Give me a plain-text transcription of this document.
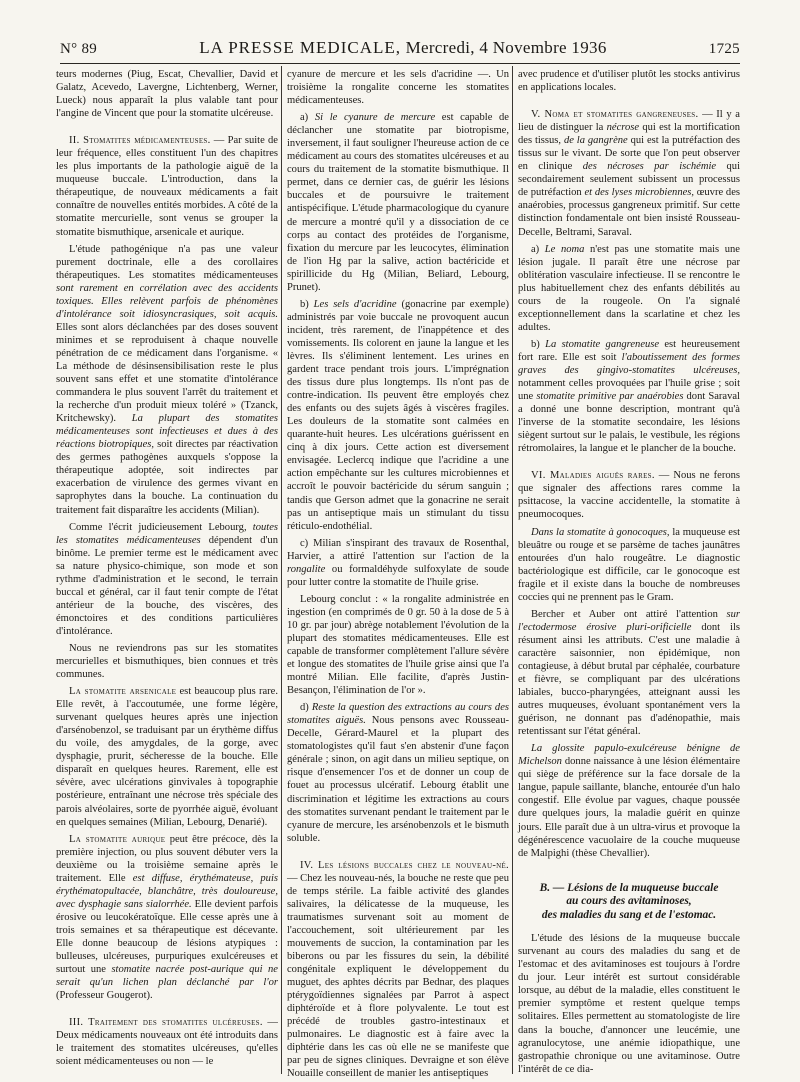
N° 89	LA PRESSE MEDICALE, Mercredi, 4 Novembre 1936	1725

teurs modernes (Piug, Escat, Chevallier, David et Galatz, Acevedo, Lavergne, Lichtenberg, Werner, Lueck) nous apparaît la plus valable tant pour l'angine de Vincent que pour la stomatite ulcéreuse.

II. Stomatites médicamenteuses. — Par suite de leur fréquence, elles constituent l'un des chapitres les plus importants de la pathologie aiguë de la muqueuse buccale. L'introduction, dans la thérapeutique, de nouveaux médicaments a fait connaître de nouvelles entités morbides. A côté de la stomatite mercurielle, sont venus se grouper la stomatite bismuthique, arsenicale et aurique.

L'étude pathogénique n'a pas une valeur purement doctrinale, elle a des corollaires thérapeutiques. Les stomatites médicamenteuses sont rarement en corrélation avec des accidents toxiques. Elles relèvent parfois de phénomènes d'intolérance soit idiosyncrasiques, soit acquis. Elles sont alors déclanchées par des doses souvent minimes et se reproduisent à chaque nouvelle pénétration de ce médicament dans l'organisme. « La méthode de désinsensibilisation reste le plus souvent sans effet et une stomatite d'intolérance commandera le plus souvent l'arrêt du traitement et la recherche d'un produit mieux toléré » (Tzanck, Kritchewsky). La plupart des stomatites médicamenteuses sont infectieuses et dues à des réactions biotropiques, soit directes par réactivation des germes pathogènes auxquels s'oppose la thérapeutique adoptée, soit indirectes par exacerbation de virulence des germes vivant en saprophytes dans la bouche. La continuation du traitement fait disparaître les accidents (Milian).

Comme l'écrit judicieusement Lebourg, toutes les stomatites médicamenteuses dépendent d'un binôme. Le premier terme est le médicament avec sa nature physico-chimique, son mode et son rythme d'administration et le second, le terrain buccal et général, car il faut tenir compte de l'état antérieur de la bouche, des viscères, des émonctoires et des conditions particulières d'intolérance.

Nous ne reviendrons pas sur les stomatites mercurielles et bismuthiques, bien connues et très communes.

La stomatite arsenicale est beaucoup plus rare. Elle revêt, à l'accoutumée, une forme légère, survenant quelques heures après une injection d'arsénobenzol, se traduisant par un érythème diffus du voile, des amygdales, de la gorge, avec dysphagie, prurit, sécheresse de la bouche. Elle disparaît en quelques heures. Rarement, elle est sévère, avec ulcérations ginvivales à topographie postérieure, entraînant une nécrose très spéciale des parois alvéolaires, sorte de pyorrhée aiguë, évoluant en quelques semaines (Milian, Lebourg, Denarié).

La stomatite aurique peut être précoce, dès la première injection, ou plus souvent débuter vers la deuxième ou la troisième semaine après le traitement. Elle est diffuse, érythémateuse, puis érythématopultacée, blanchâtre, très douloureuse, avec dysphagie sans sialorrhée. Elle devient parfois érosive ou leucokératoïque. Elle cesse après une à trois semaines et sa thérapeutique est décevante. Elle donne beaucoup de lésions atypiques : bulleuses, ulcéreuses, purpuriques exulcéreuses et surtout une stomatite nacrée post-aurique qui ne serait qu'un lichen plan déclanché par l'or (Professeur Gougerot).

III. Traitement des stomatites ulcéreuses. — Deux médicaments nouveaux ont été introduits dans le traitement des stomatites ulcéreuses, qu'elles soient médicamenteuses ou non — le

cyanure de mercure et les sels d'acridine —. Un troisième la rongalite concerne les stomatites médicamenteuses.

a) Si le cyanure de mercure est capable de déclancher une stomatite par biotropisme, inversement, il faut souligner l'heureuse action de ce médicament au cours des stomatites ulcéreuses et au cours du traitement de la stomatite bismuthique. Il permet, dans ce dernier cas, de guérir les lésions buccales et de poursuivre le traitement antispécifique. L'étude pharmacologique du cyanure de mercure a montré qu'il y a dissociation de ce corps au contact des protéides de l'organisme, fixation du mercure par les leucocytes, élimination de l'ion Hg par la salive, action bactéricide et spirillicide du Hg (Milian, Beliard, Lebourg, Prunet).

b) Les sels d'acridine (gonacrine par exemple) administrés par voie buccale ne provoquent aucun incident, très rarement, de l'inappétence et des vomissements. Ils colorent en jaune la langue et les lèvres. Ils s'éliminent lentement. Les urines en gardent trace pendant trois jours. L'imprégnation des tissus dure plus longtemps. Ils n'ont pas de contre-indication. Ils peuvent être employés chez des enfants ou des sujets âgés à viscères fragiles. Les douleurs de la stomatite sont calmées en quarante-huit heures. Les ulcérations guérissent en cinq à dix jours. Cette action est diversement envisagée. Leclercq indique que l'acridine a une action empêchante sur les cultures microbiennes et accroît le pouvoir bactéricide du sérum sanguin ; tandis que Gerson admet que la gonacrine ne serait pas un antiseptique mais un stimulant du tissu réticulo-endothélial.

c) Milian s'inspirant des travaux de Rosenthal, Harvier, a attiré l'attention sur l'action de la rongalite ou formaldéhyde sulfoxylate de soude pour lutter contre la stomatite de l'huile grise.

Lebourg conclut : « la rongalite administrée en ingestion (en comprimés de 0 gr. 50 à la dose de 5 à 10 gr. par jour) abrège notablement l'évolution de la plupart des stomatites médicamenteuses. Elle est capable de transformer complètement l'allure sévère et longue des stomatites de l'huile grise ainsi que l'a montré Milian. Elle facilite, d'après Justin-Besançon, l'élimination de l'or ».

d) Reste la question des extractions au cours des stomatites aiguës. Nous pensons avec Rousseau-Decelle, Gérard-Maurel et la plupart des stomatologistes qu'il faut s'en abstenir d'une façon générale ; sinon, on agit dans un milieu septique, on risque d'ensemencer l'os et de donner un coup de fouet au processus ulcératif. Lebourg établit une discrimination et légitime les extractions au cours des stomatites survenant pendant le traitement par le cyanure de mercure, les arsénobenzols et le bismuth soluble.

IV. Les lésions buccales chez le nouveau-né. — Chez les nouveau-nés, la bouche ne reste que peu de temps stérile. La faible activité des glandes salivaires, la délicatesse de la muqueuse, les traumatismes survenant soit au moment de l'accouchement, soit ultérieurement par les mouvements de succion, la contamination par les biberons ou par les fissures du sein, la débilité congénitale expliquent le développement du muguet, des aphtes décrits par Bednar, des plaques ptérygoïdiennes signalées par Parrot à aspect diphtéroïde et à flore polyvalente. Le tout est précédé de troubles gastro-intestinaux et pulmonaires. Le diagnostic est à faire avec la diphtérie dans les cas où elle ne se manifeste que par peu de signes cliniques. Devraigne et son élève Nouaille conseillent de manier les antiseptiques

avec prudence et d'utiliser plutôt les stocks antivirus en applications locales.

V. Noma et stomatites gangreneuses. — Il y a lieu de distinguer la nécrose qui est la mortification des tissus, de la gangrène qui est la putréfaction des tissus sur le vivant. De sorte que l'on peut observer en clinique des nécroses par ischémie qui secondairement seulement subissent un processus de putréfaction et des lyses microbiennes, œuvre des anaérobies, processus gangreneux primitif. Sur cette distinction fondamentale ont bien insisté Rousseau-Decelle, Beltrami, Saraval.

a) Le noma n'est pas une stomatite mais une lésion jugale. Il paraît être une nécrose par oblitération vasculaire infectieuse. Il se rencontre le plus habituellement chez des enfants débilités au cours de la rougeole. On l'a signalé exceptionnellement dans la scarlatine et chez les adultes.

b) La stomatite gangreneuse est heureusement fort rare. Elle est soit l'aboutissement des formes graves des gingivo-stomatites ulcéreuses, notamment celles provoquées par l'huile grise ; soit une stomatite primitive par anaérobies dont Saraval a donné une bonne description, montrant qu'à l'inverse de la stomatite secondaire, les lésions siègent surtout sur le palais, le vestibule, les régions rétromolaires, la langue et le plancher de la bouche.

VI. Maladies aiguës rares. — Nous ne ferons que signaler des affections rares comme la psittacose, la vaccine accidentelle, la stomatite à pneumocoques.

Dans la stomatite à gonocoques, la muqueuse est bleuâtre ou rouge et se parsème de taches jaunâtres entourées d'un halo rougeâtre. Le diagnostic bactériologique est difficile, car le gonocoque est fragile et il existe dans la bouche de nombreuses coccies qui ne prennent pas le Gram.

Bercher et Auber ont attiré l'attention sur l'ectodermose érosive pluri-orificielle dont ils résument ainsi les attributs. C'est une maladie à caractère saisonnier, non épidémique, non contagieuse, à début brutal par céphalée, courbature et fièvre, se compliquant par des ulcérations labiales, bucco-pharyngées, atteignant aussi les autres muqueuses, évoluant spontanément vers la guérison, ne donnant pas d'adénopathie, mais retentissant sur l'état général.

La glossite papulo-exulcéreuse bénigne de Michelson donne naissance à une lésion élémentaire qui siège de préférence sur la face dorsale de la langue, papule saillante, blanche, entourée d'un halo congestif. Elle évolue par vagues, chaque poussée dure quelques jours, la maladie guérit en quinze jours. Elle paraît due à un ultra-virus et provoque la dégénérescence vacuolaire de la couche muqueuse de Malpighi (thèse Chevallier).

B. — Lésions de la muqueuse buccale
au cours des avitaminoses,
des maladies du sang et de l'estomac.

L'étude des lésions de la muqueuse buccale survenant au cours des maladies du sang et de l'estomac et des avitaminoses est toujours à l'ordre du jour. Leur intérêt est surtout considérable lorsque, au début de la maladie, elles constituent le premier symptôme et restent quelque temps solitaires. Elles permettent au stomatologiste de lire dans la bouche, d'annoncer une leucémie, une agranulocytose, une anémie idiopathique, une gastropathie chronique ou une avitaminose. Outre l'intérêt de ce dia-
